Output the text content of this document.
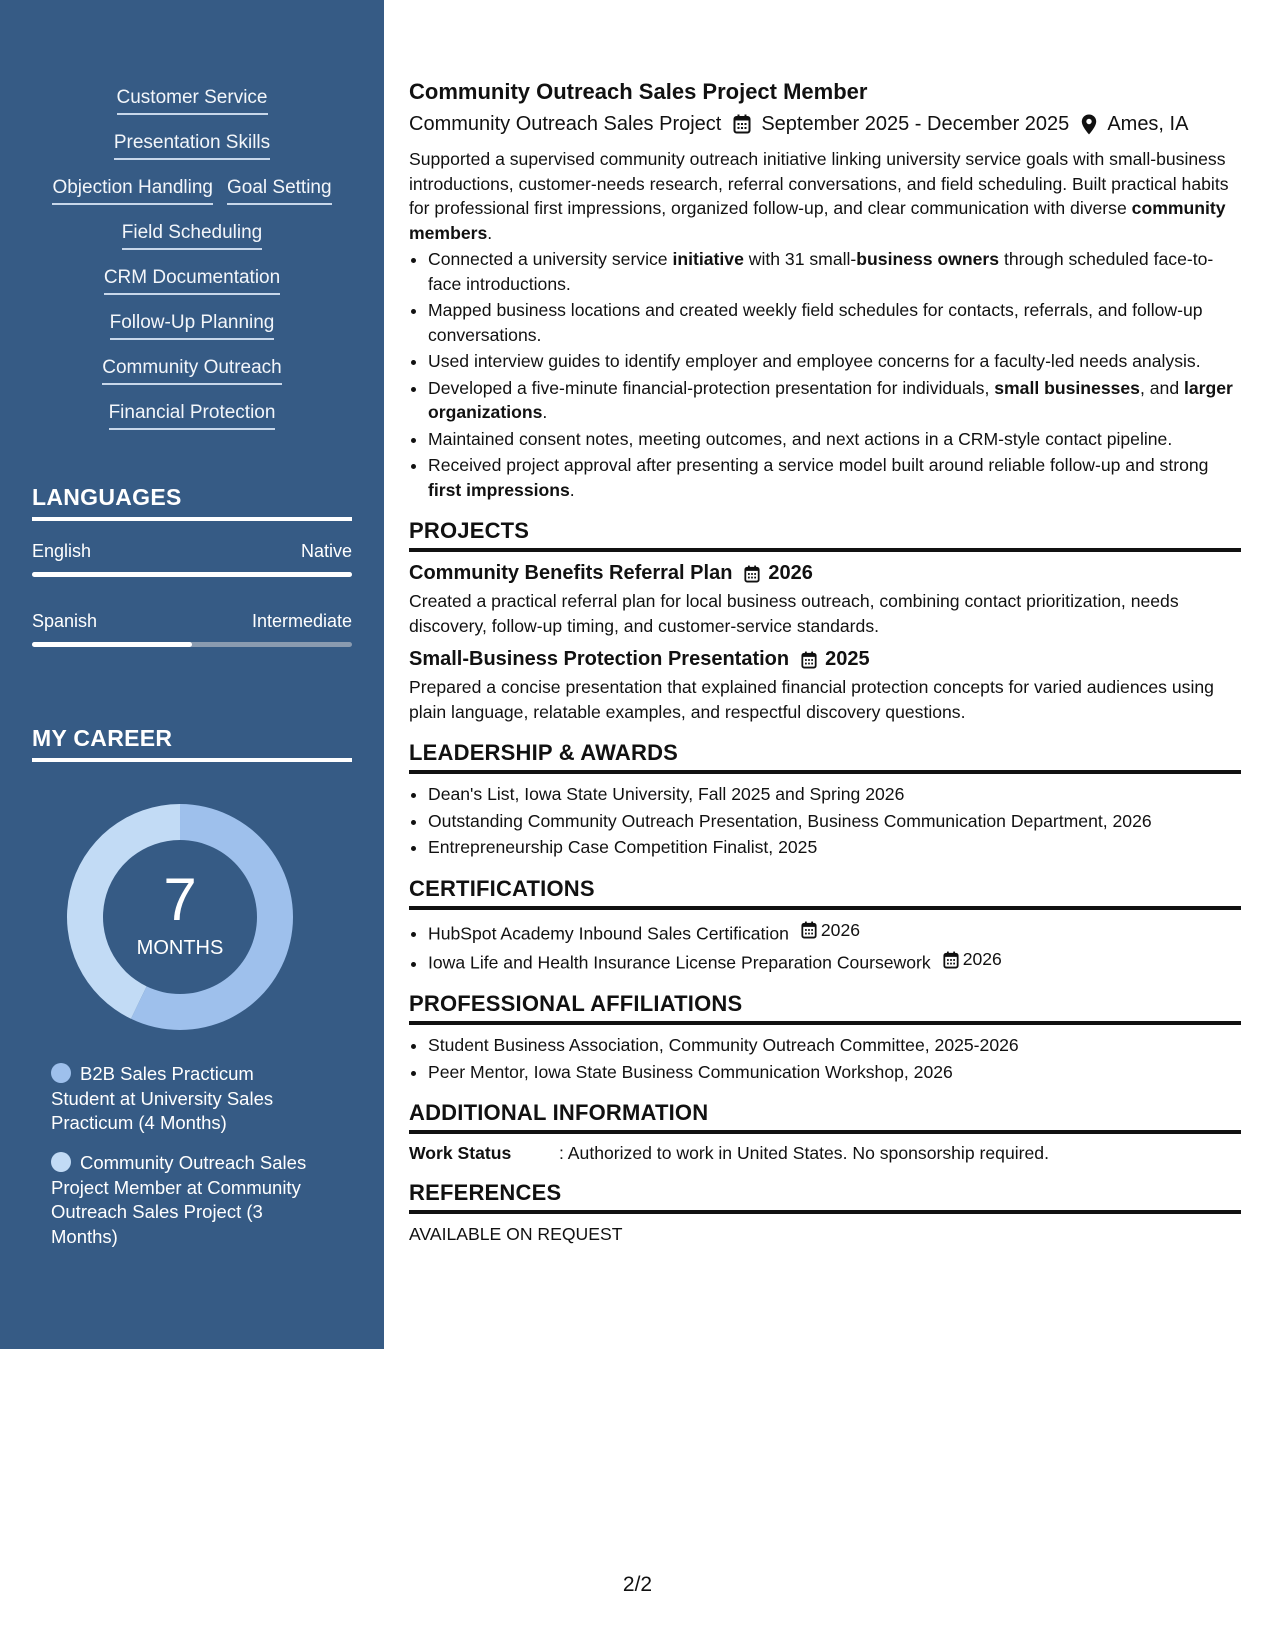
Customer Service
Presentation Skills
Objection Handling Goal Setting
Field Scheduling
CRM Documentation
Follow-Up Planning
Community Outreach
Financial Protection
LANGUAGES
English	Native
Spanish	Intermediate
MY CAREER
7
MONTHS
B2B Sales Practicum Student at University Sales Practicum (4 Months)
Community Outreach Sales Project Member at Community Outreach Sales Project (3 Months)
Community Outreach Sales Project Member
Community Outreach Sales Project September 2025 - December 2025 Ames, IA
Supported a supervised community outreach initiative linking university service goals with small-business introductions, customer-needs research, referral conversations, and field scheduling. Built practical habits for professional first impressions, organized follow-up, and clear communication with diverse community members.
• Connected a university service initiative with 31 small-business owners through scheduled face-to-face introductions.
• Mapped business locations and created weekly field schedules for contacts, referrals, and follow-up conversations.
• Used interview guides to identify employer and employee concerns for a faculty-led needs analysis.
• Developed a five-minute financial-protection presentation for individuals, small businesses, and larger organizations.
• Maintained consent notes, meeting outcomes, and next actions in a CRM-style contact pipeline.
• Received project approval after presenting a service model built around reliable follow-up and strong first impressions.
PROJECTS
Community Benefits Referral Plan 2026
Created a practical referral plan for local business outreach, combining contact prioritization, needs discovery, follow-up timing, and customer-service standards.
Small-Business Protection Presentation 2025
Prepared a concise presentation that explained financial protection concepts for varied audiences using plain language, relatable examples, and respectful discovery questions.
LEADERSHIP & AWARDS
• Dean's List, Iowa State University, Fall 2025 and Spring 2026
• Outstanding Community Outreach Presentation, Business Communication Department, 2026
• Entrepreneurship Case Competition Finalist, 2025
CERTIFICATIONS
• HubSpot Academy Inbound Sales Certification 2026
• Iowa Life and Health Insurance License Preparation Coursework 2026
PROFESSIONAL AFFILIATIONS
• Student Business Association, Community Outreach Committee, 2025-2026
• Peer Mentor, Iowa State Business Communication Workshop, 2026
ADDITIONAL INFORMATION
Work Status	: Authorized to work in United States. No sponsorship required.
REFERENCES
AVAILABLE ON REQUEST
2/2
